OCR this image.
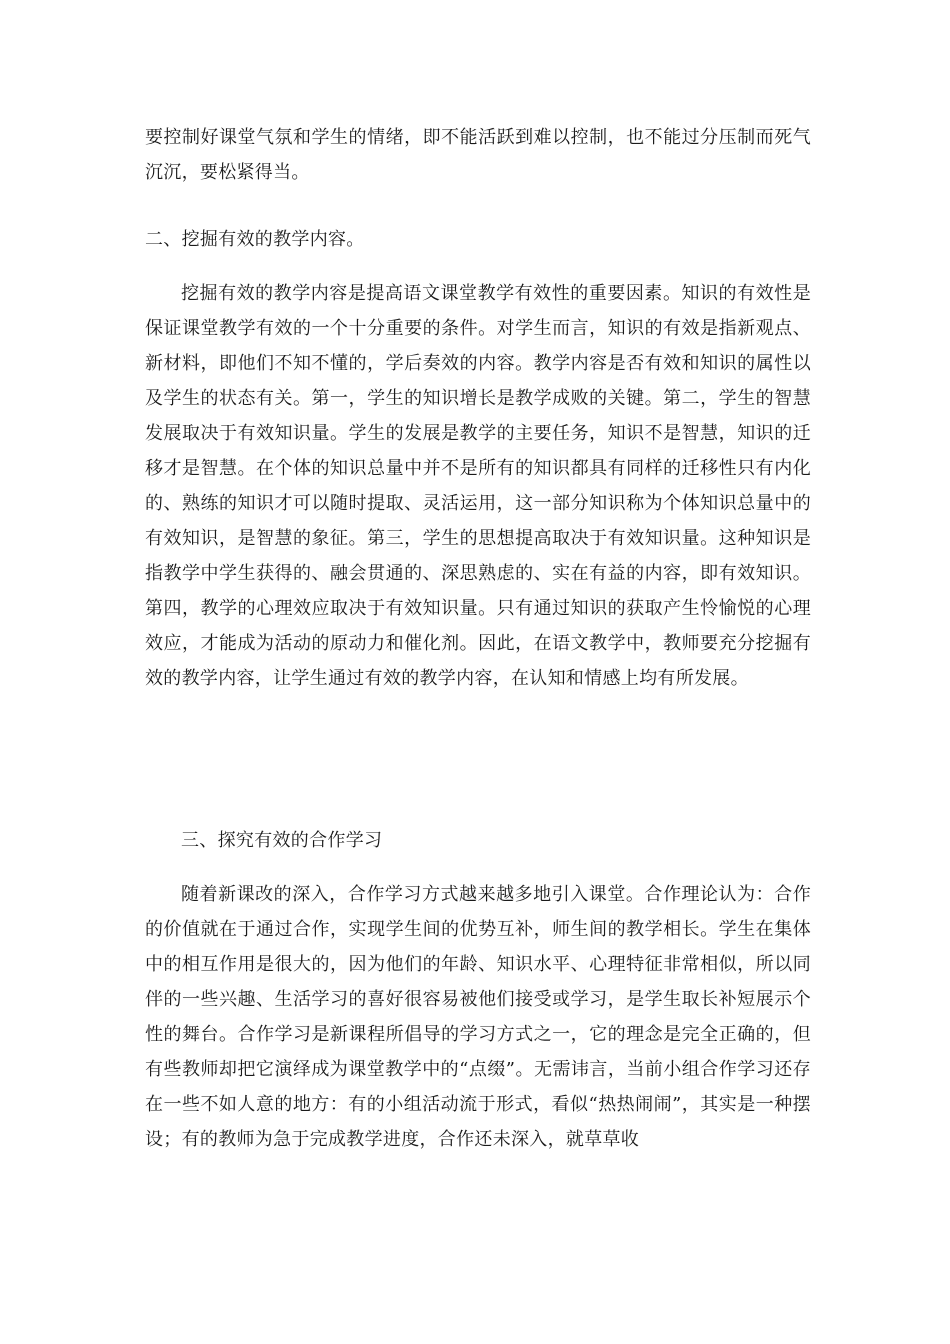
要控制好课堂气氛和学生的情绪，即不能活跃到难以控制，也不能过分压制而死气沉沉，要松紧得当。

二、挖掘有效的教学内容。

挖掘有效的教学内容是提高语文课堂教学有效性的重要因素。知识的有效性是保证课堂教学有效的一个十分重要的条件。对学生而言，知识的有效是指新观点、新材料，即他们不知不懂的，学后奏效的内容。教学内容是否有效和知识的属性以及学生的状态有关。第一，学生的知识增长是教学成败的关键。第二，学生的智慧发展取决于有效知识量。学生的发展是教学的主要任务，知识不是智慧，知识的迁移才是智慧。在个体的知识总量中并不是所有的知识都具有同样的迁移性只有内化的、熟练的知识才可以随时提取、灵活运用，这一部分知识称为个体知识总量中的有效知识，是智慧的象征。第三，学生的思想提高取决于有效知识量。这种知识是指教学中学生获得的、融会贯通的、深思熟虑的、实在有益的内容，即有效知识。第四，教学的心理效应取决于有效知识量。只有通过知识的获取产生怜愉悦的心理效应，才能成为活动的原动力和催化剂。因此，在语文教学中，教师要充分挖掘有效的教学内容，让学生通过有效的教学内容，在认知和情感上均有所发展。

三、探究有效的合作学习

随着新课改的深入，合作学习方式越来越多地引入课堂。合作理论认为：合作的价值就在于通过合作，实现学生间的优势互补，师生间的教学相长。学生在集体中的相互作用是很大的，因为他们的年龄、知识水平、心理特征非常相似，所以同伴的一些兴趣、生活学习的喜好很容易被他们接受或学习，是学生取长补短展示个性的舞台。合作学习是新课程所倡导的学习方式之一，它的理念是完全正确的，但有些教师却把它演绎成为课堂教学中的“点缀”。无需讳言，当前小组合作学习还存在一些不如人意的地方：有的小组活动流于形式，看似“热热闹闹”，其实是一种摆设；有的教师为急于完成教学进度，合作还未深入，就草草收
